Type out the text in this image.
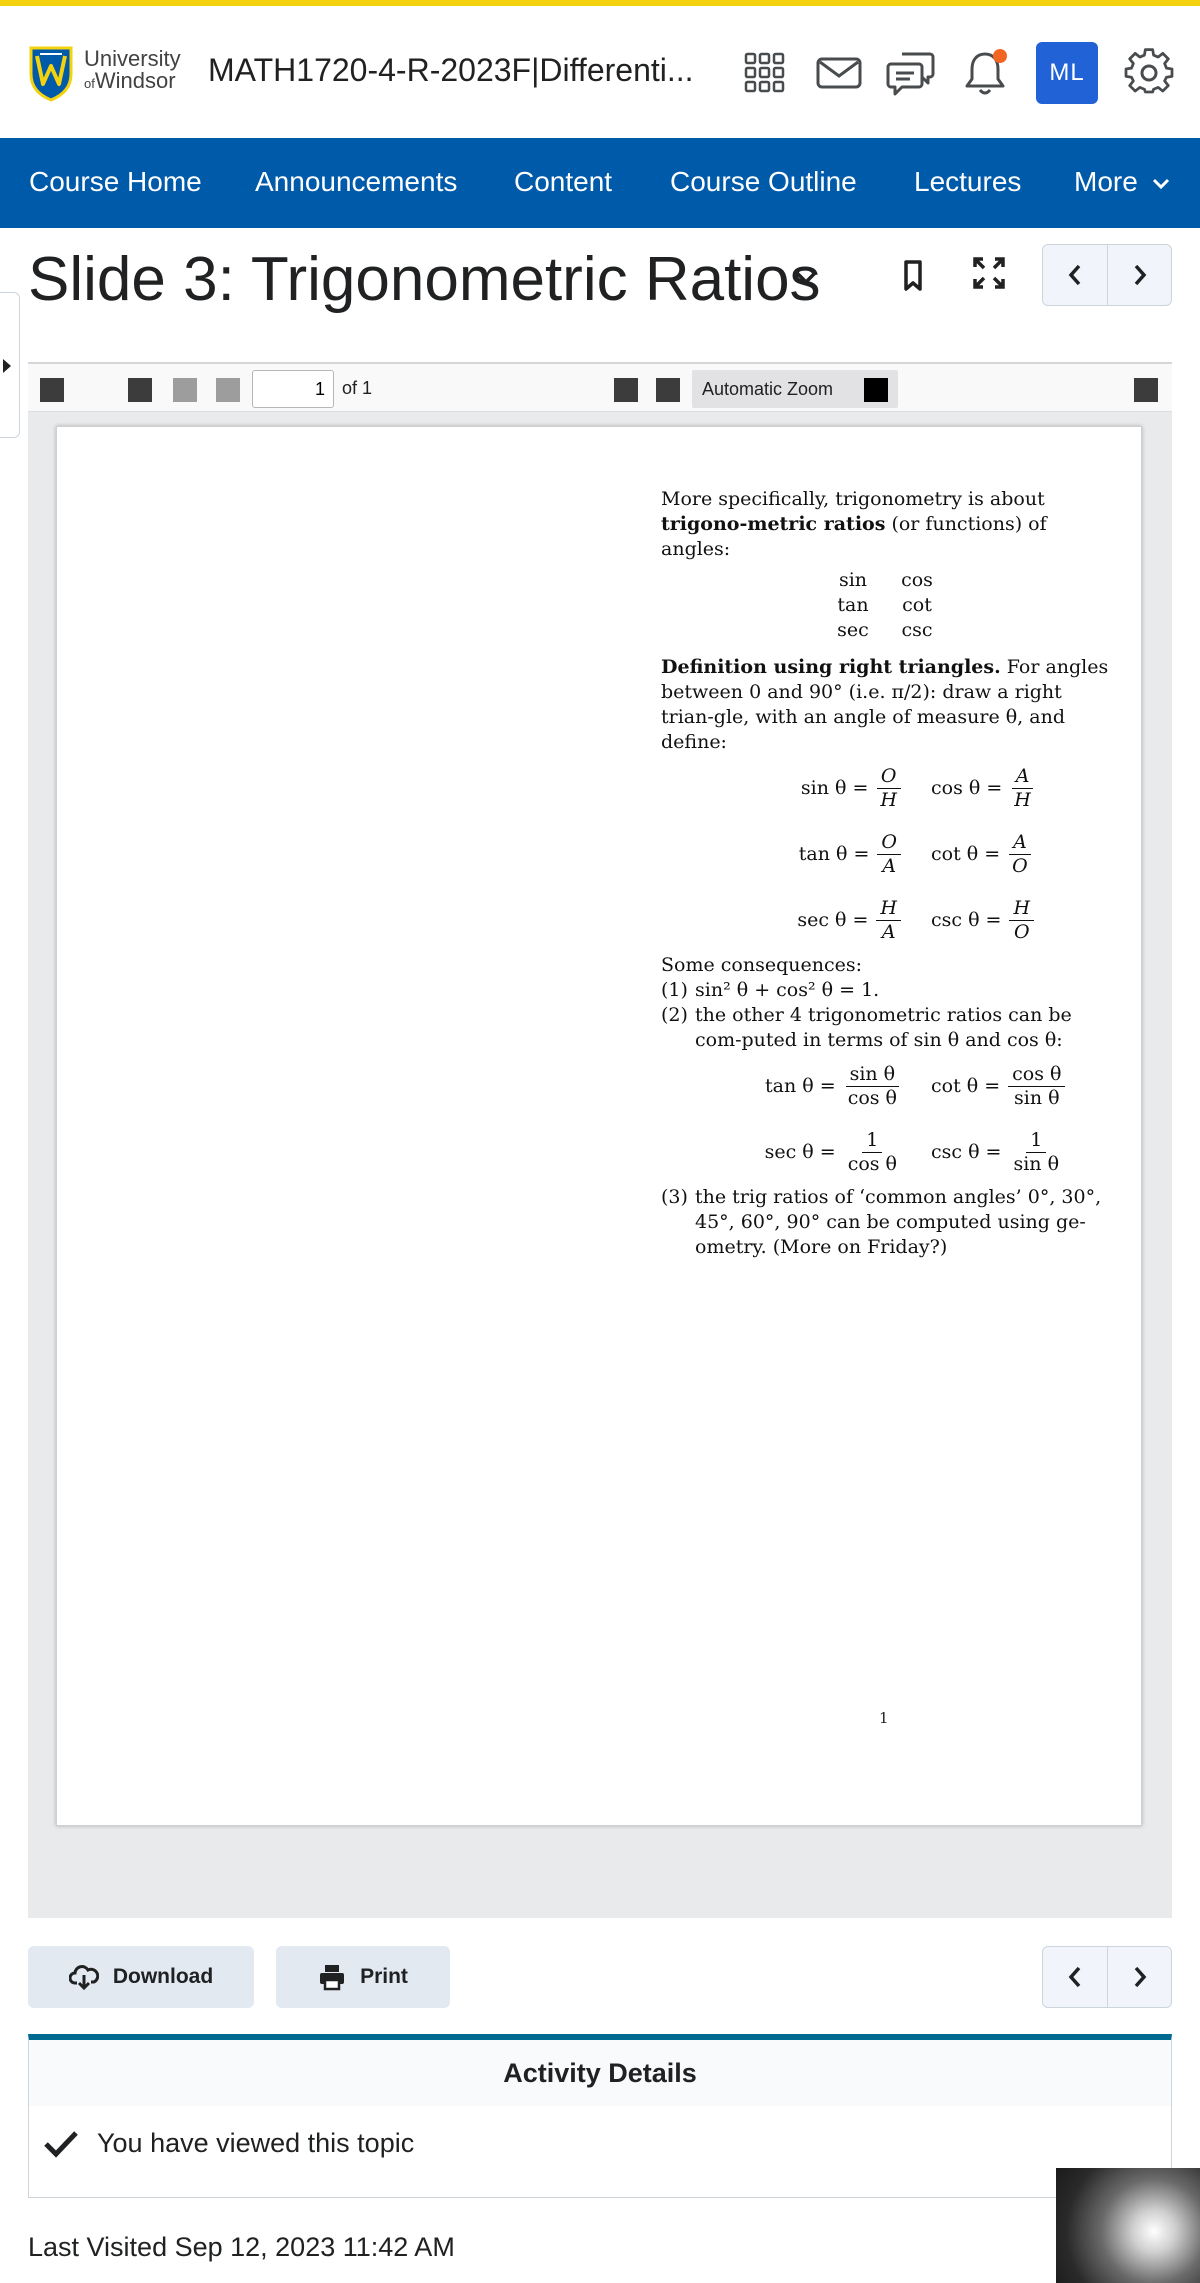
University
ofWindsor MATH1720-4-R-2023F|Differenti...	ML
Course Home Announcements Content Course Outline Lectures More
Slide 3: Trigonometric Ratios
1
of 1	Automatic Zoom

More specifically, trigonometry is about trigono-metric ratios (or functions) of angles:

sin	cos
tan	cot
sec	csc

Definition using right triangles. For angles between 0 and 90° (i.e. π/2): draw a right trian-gle, with an angle of measure θ, and define:

$\sin \theta = \frac{O}{H}$ $\cos \theta = \frac{A}{H}$
$\tan \theta = \frac{O}{A}$ $\cot \theta = \frac{A}{O}$
$\sec \theta = \frac{H}{A}$ $\csc \theta = \frac{H}{O}$

Some consequences:

(1) sin² θ + cos² θ = 1.
(2) the other 4 trigonometric ratios can be com-puted in terms of sin θ and cos θ:
$\tan \theta = \frac{\text{sin θ}}{\text{cos θ}}$ $\cot \theta = \frac{\text{cos θ}}{\text{sin θ}}$
$\sec \theta = \frac{1}{\text{cos θ}}$ $\csc \theta = \frac{1}{\text{sin θ}}$
(3) the trig ratios of ‘common angles’ 0°, 30°, 45°, 60°, 90° can be computed using ge-ometry. (More on Friday?)
1
Download	Print
Activity Details
You have viewed this topic
Last Visited Sep 12, 2023 11:42 AM
